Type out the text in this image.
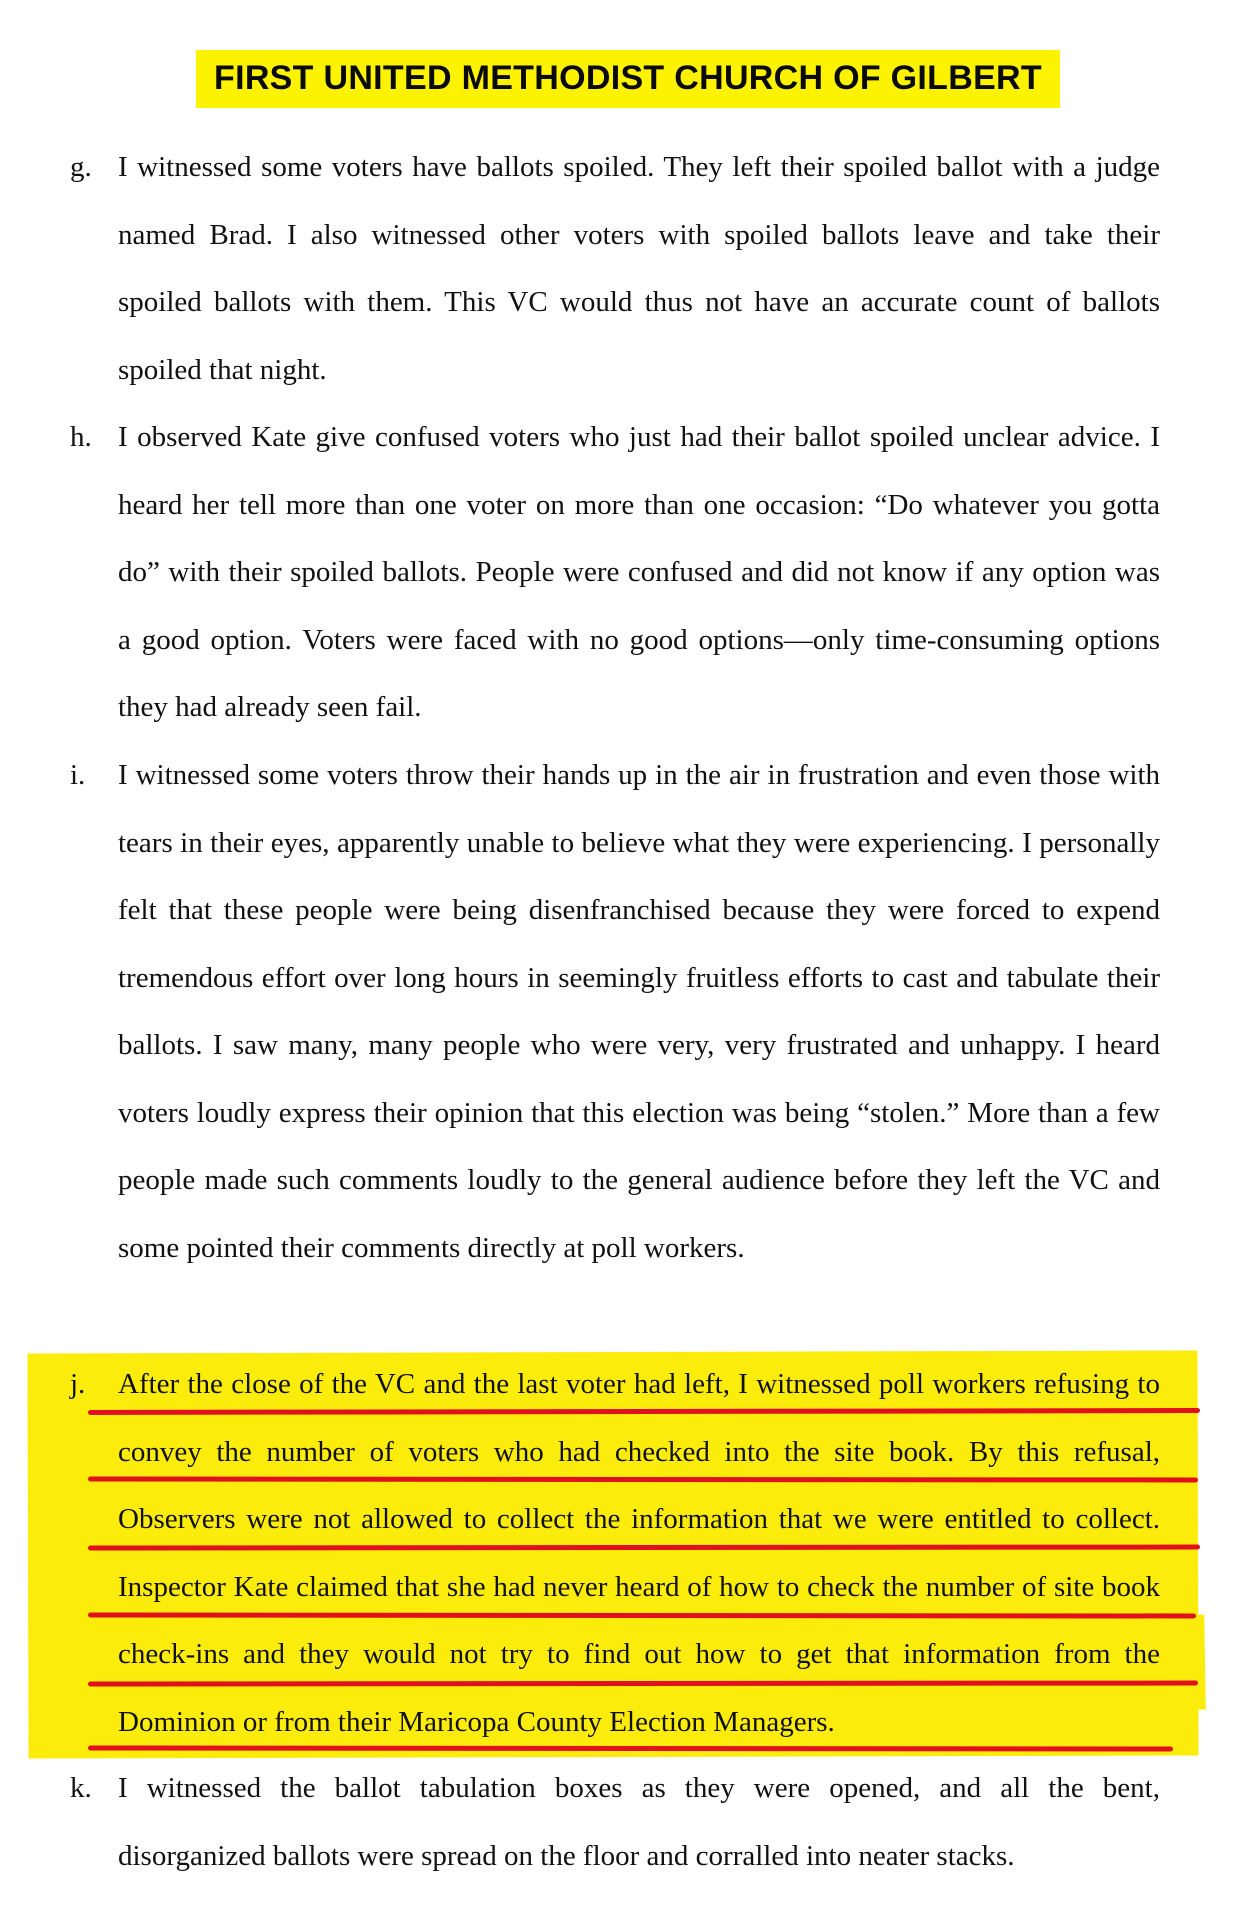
FIRST UNITED METHODIST CHURCH OF GILBERT
g. I witnessed some voters have ballots spoiled. They left their spoiled ballot with a judge named Brad. I also witnessed other voters with spoiled ballots leave and take their spoiled ballots with them. This VC would thus not have an accurate count of ballots spoiled that night.
h. I observed Kate give confused voters who just had their ballot spoiled unclear advice. I heard her tell more than one voter on more than one occasion: “Do whatever you gotta do” with their spoiled ballots. People were confused and did not know if any option was a good option. Voters were faced with no good options—only time-consuming options they had already seen fail.
i.	I witnessed some voters throw their hands up in the air in frustration and even those with tears in their eyes, apparently unable to believe what they were experiencing. I personally felt that these people were being disenfranchised because they were forced to expend tremendous effort over long hours in seemingly fruitless efforts to cast and tabulate their ballots. I saw many, many people who were very, very frustrated and unhappy. I heard voters loudly express their opinion that this election was being “stolen.” More than a few people made such comments loudly to the general audience before they left the VC and some pointed their comments directly at poll workers.
j.	After the close of the VC and the last voter had left, I witnessed poll workers refusing to convey the number of voters who had checked into the site book. By this refusal, Observers were not allowed to collect the information that we were entitled to collect. Inspector Kate claimed that she had never heard of how to check the number of site book check-ins and they would not try to find out how to get that information from the Dominion or from their Maricopa County Election Managers.
k. I witnessed the ballot tabulation boxes as they were opened, and all the bent, disorganized ballots were spread on the floor and corralled into neater stacks.
